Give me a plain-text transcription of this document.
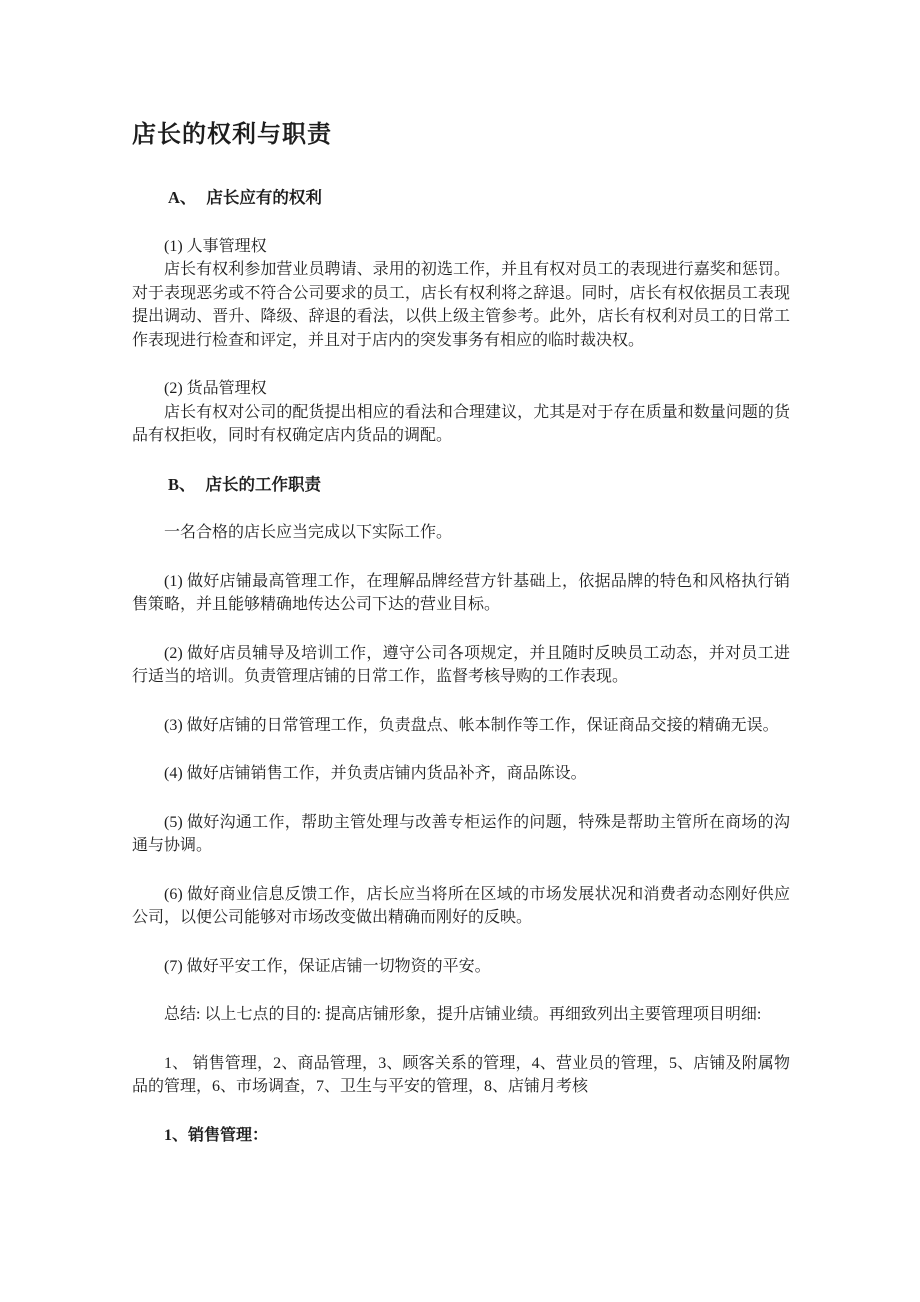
店长的权利与职责

A、 店长应有的权利

(1) 人事管理权

店长有权利参加营业员聘请、录用的初选工作，并且有权对员工的表现进行嘉奖和惩罚。对于表现恶劣或不符合公司要求的员工，店长有权利将之辞退。同时，店长有权依据员工表现提出调动、晋升、降级、辞退的看法，以供上级主管参考。此外，店长有权利对员工的日常工作表现进行检查和评定，并且对于店内的突发事务有相应的临时裁决权。

(2) 货品管理权

店长有权对公司的配货提出相应的看法和合理建议，尤其是对于存在质量和数量问题的货品有权拒收，同时有权确定店内货品的调配。

B、 店长的工作职责

一名合格的店长应当完成以下实际工作。

(1) 做好店铺最高管理工作，在理解品牌经营方针基础上，依据品牌的特色和风格执行销售策略，并且能够精确地传达公司下达的营业目标。

(2) 做好店员辅导及培训工作，遵守公司各项规定，并且随时反映员工动态，并对员工进行适当的培训。负责管理店铺的日常工作，监督考核导购的工作表现。

(3) 做好店铺的日常管理工作，负责盘点、帐本制作等工作，保证商品交接的精确无误。

(4) 做好店铺销售工作，并负责店铺内货品补齐，商品陈设。

(5) 做好沟通工作，帮助主管处理与改善专柜运作的问题，特殊是帮助主管所在商场的沟通与协调。

(6) 做好商业信息反馈工作，店长应当将所在区域的市场发展状况和消费者动态刚好供应公司，以便公司能够对市场改变做出精确而刚好的反映。

(7) 做好平安工作，保证店铺一切物资的平安。

总结: 以上七点的目的: 提高店铺形象，提升店铺业绩。再细致列出主要管理项目明细:

1、 销售管理，2、商品管理，3、顾客关系的管理，4、营业员的管理，5、店铺及附属物品的管理，6、市场调查，7、卫生与平安的管理，8、店铺月考核

1、销售管理：
